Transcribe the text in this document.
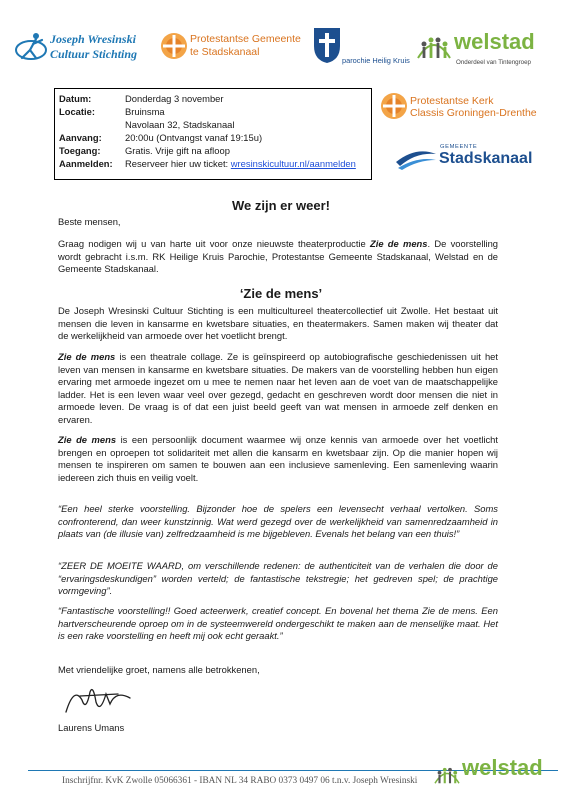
Joseph Wresinski
Cultuur Stichting
Protestantse Gemeente
te Stadskanaal
parochie Heilig Kruis
welstad
Onderdeel van Tintengroep
Datum:	Donderdag 3 november
Locatie:	Bruinsma
Navolaan 32, Stadskanaal
Aanvang: 20:00u (Ontvangst vanaf 19:15u)
Toegang:	Gratis. Vrije gift na afloop
Aanmelden: Reserveer hier uw ticket: wresinskicultuur.nl/aanmelden
Protestantse Kerk
Classis Groningen-Drenthe
GEMEENTE
Stadskanaal
We zijn er weer!
Beste mensen,
Graag nodigen wij u van harte uit voor onze nieuwste theaterproductie Zie de mens. De voorstelling wordt gebracht i.s.m. RK Heilige Kruis Parochie, Protestantse Gemeente Stadskanaal, Welstad en de Gemeente Stadskanaal.
‘Zie de mens’
De Joseph Wresinski Cultuur Stichting is een multicultureel theatercollectief uit Zwolle. Het bestaat uit mensen die leven in kansarme en kwetsbare situaties, en theatermakers. Samen maken wij theater dat de werkelijkheid van armoede over het voetlicht brengt.
Zie de mens is een theatrale collage. Ze is geïnspireerd op autobiografische geschiedenissen uit het leven van mensen in kansarme en kwetsbare situaties. De makers van de voorstelling hebben hun eigen ervaring met armoede ingezet om u mee te nemen naar het leven aan de voet van de maatschappelijke ladder. Het is een leven waar veel over gezegd, gedacht en geschreven wordt door mensen die niet in armoede leven. De vraag is of dat een juist beeld geeft van wat mensen in armoede zelf denken en ervaren.
Zie de mens is een persoonlijk document waarmee wij onze kennis van armoede over het voetlicht brengen en oproepen tot solidariteit met allen die kansarm en kwetsbaar zijn. Op die manier hopen wij mensen te inspireren om samen te bouwen aan een inclusieve samenleving. Een samenleving waarin iedereen zich thuis en veilig voelt.
“Een heel sterke voorstelling. Bijzonder hoe de spelers een levensecht verhaal vertolken. Soms confronterend, dan weer kunstzinnig. Wat werd gezegd over de werkelijkheid van samenredzaamheid in plaats van (de illusie van) zelfredzaamheid is me bijgebleven. Evenals het belang van een thuis!”
“ZEER DE MOEITE WAARD, om verschillende redenen: de authenticiteit van de verhalen die door de “ervaringsdeskundigen” worden verteld; de fantastische tekstregie; het gedreven spel; de prachtige vormgeving”.
“Fantastische voorstelling!! Goed acteerwerk, creatief concept. En bovenal het thema Zie de mens. Een hartverscheurende oproep om in de systeemwereld ondergeschikt te maken aan de menselijke maat. Het is een rake voorstelling en heeft mij ook echt geraakt.”
Met vriendelijke groet, namens alle betrokkenen,
Laurens Umans
Inschrijfnr. KvK Zwolle 05066361 - IBAN NL 34 RABO 0373 0497 06 t.n.v. Joseph Wresinski
welstad
